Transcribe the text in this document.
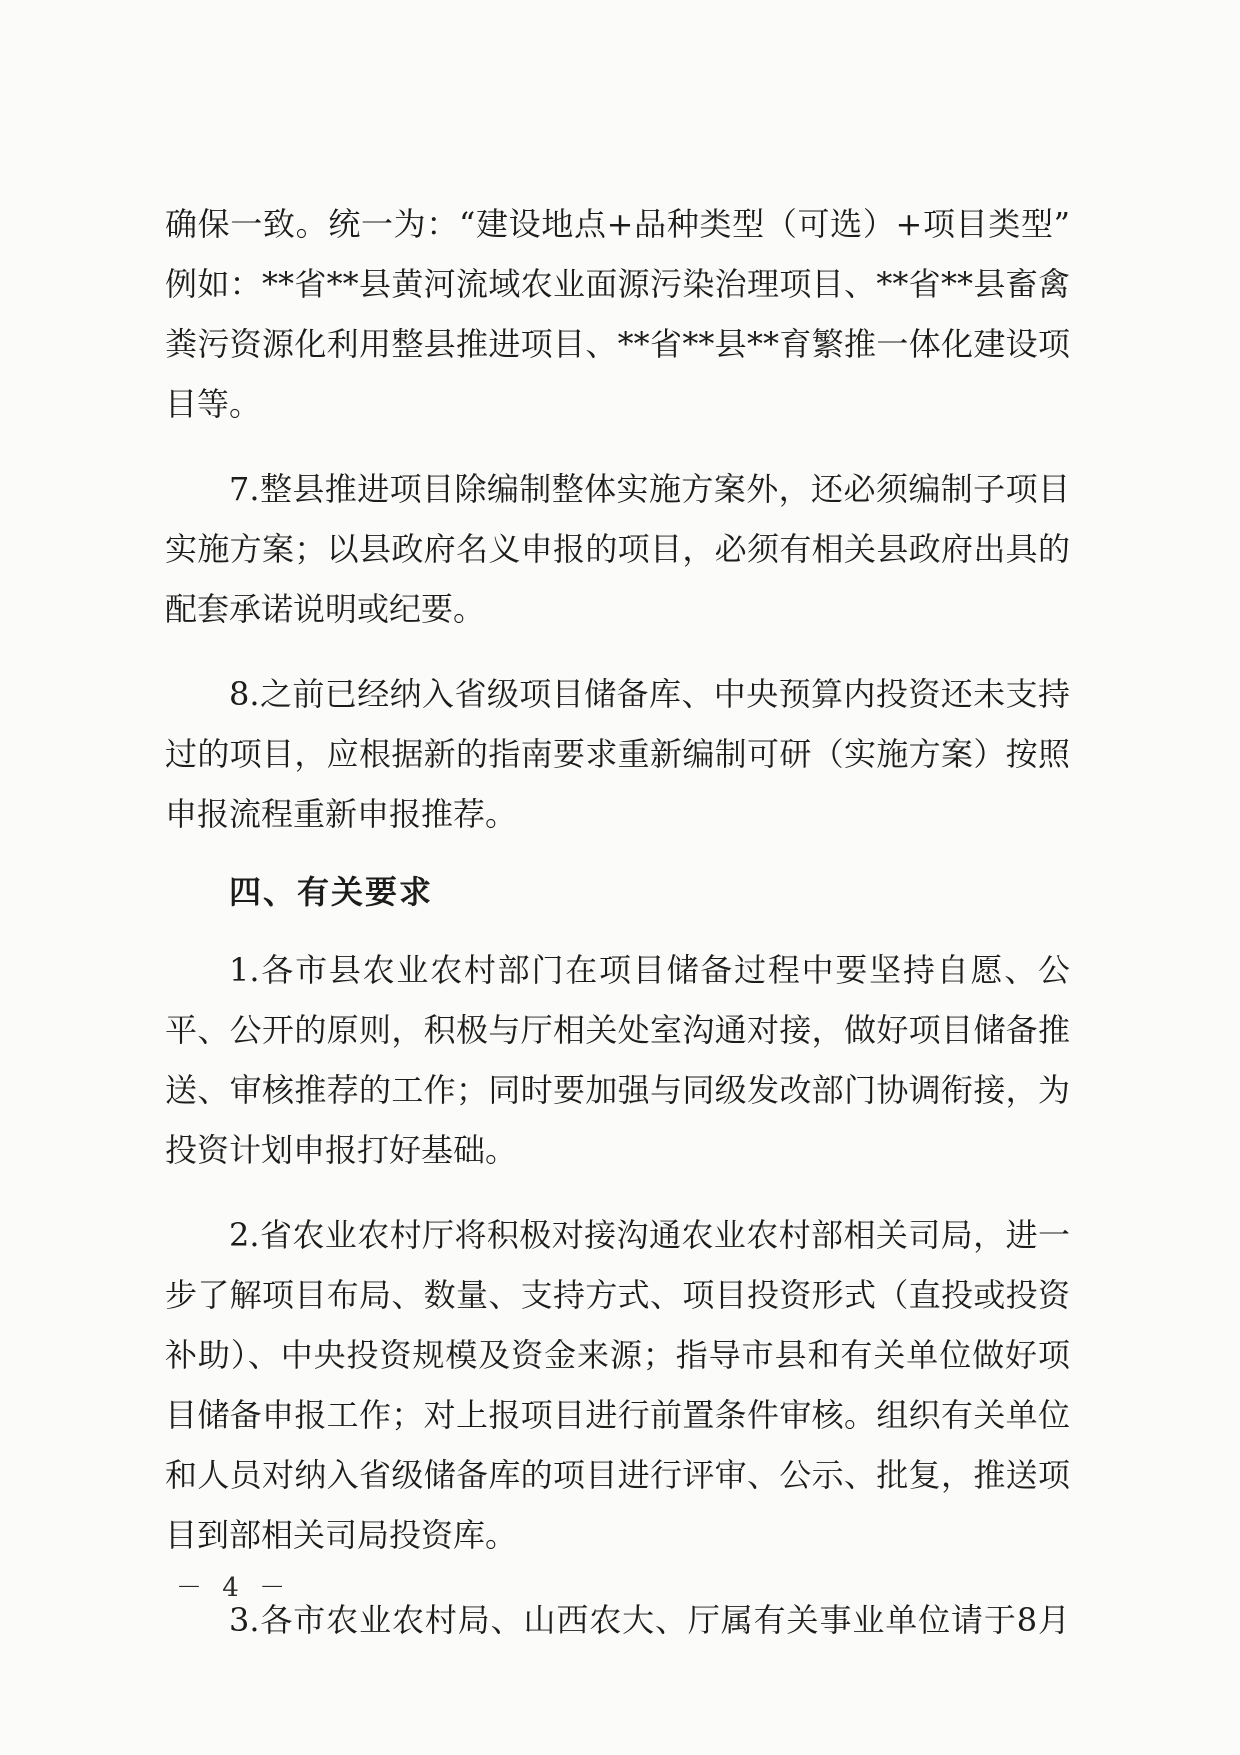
确保一致。统一为：“建设地点+品种类型（可选）+项目类型”
例如：**省**县黄河流域农业面源污染治理项目、**省**县畜禽
粪污资源化利用整县推进项目、**省**县**育繁推一体化建设项
目等。
7.整县推进项目除编制整体实施方案外，还必须编制子项目
实施方案；以县政府名义申报的项目，必须有相关县政府出具的
配套承诺说明或纪要。
8.之前已经纳入省级项目储备库、中央预算内投资还未支持
过的项目，应根据新的指南要求重新编制可研（实施方案）按照
申报流程重新申报推荐。
四、有关要求
1.各市县农业农村部门在项目储备过程中要坚持自愿、公
平、公开的原则，积极与厅相关处室沟通对接，做好项目储备推
送、审核推荐的工作；同时要加强与同级发改部门协调衔接，为
投资计划申报打好基础。
2.省农业农村厅将积极对接沟通农业农村部相关司局，进一
步了解项目布局、数量、支持方式、项目投资形式（直投或投资
补助）、中央投资规模及资金来源；指导市县和有关单位做好项
目储备申报工作；对上报项目进行前置条件审核。组织有关单位
和人员对纳入省级储备库的项目进行评审、公示、批复，推送项
目到部相关司局投资库。
3.各市农业农村局、山西农大、厅属有关事业单位请于8月
－ 4 －
